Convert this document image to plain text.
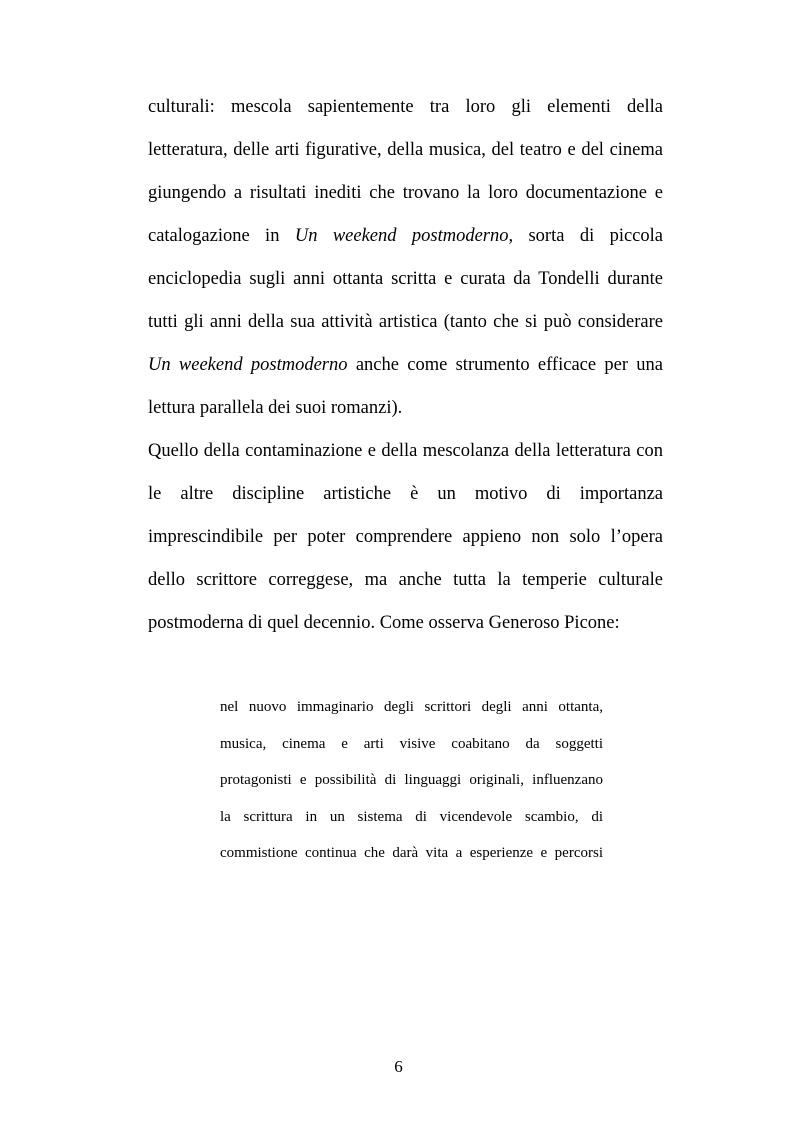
culturali: mescola sapientemente tra loro gli elementi della
letteratura, delle arti figurative, della musica, del teatro e del cinema
giungendo a risultati inediti che trovano la loro documentazione e
catalogazione in Un weekend postmoderno, sorta di piccola
enciclopedia sugli anni ottanta scritta e curata da Tondelli durante
tutti gli anni della sua attività artistica (tanto che si può considerare
Un weekend postmoderno anche come strumento efficace per una
lettura parallela dei suoi romanzi).
Quello della contaminazione e della mescolanza della letteratura con
le altre discipline artistiche è un motivo di importanza
imprescindibile per poter comprendere appieno non solo l’opera
dello scrittore correggese, ma anche tutta la temperie culturale
postmoderna di quel decennio. Come osserva Generoso Picone:
nel nuovo immaginario degli scrittori degli anni ottanta,
musica, cinema e arti visive coabitano da soggetti
protagonisti e possibilità di linguaggi originali, influenzano
la scrittura in un sistema di vicendevole scambio, di
commistione continua che darà vita a esperienze e percorsi
6
